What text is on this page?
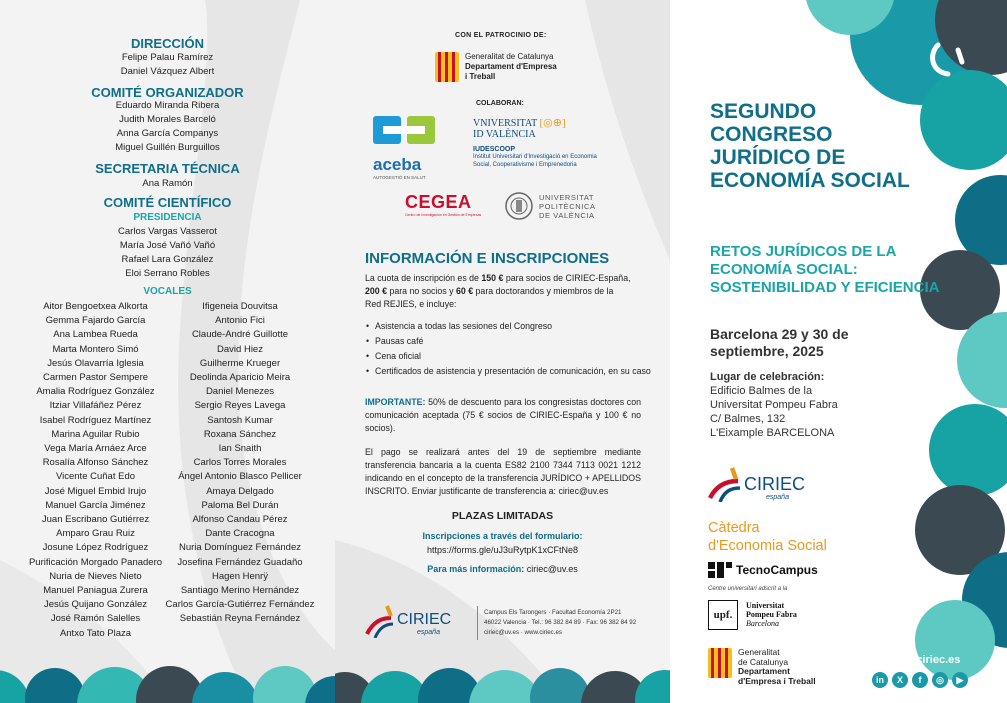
DIRECCIÓN
Felipe Palau Ramírez
Daniel Vázquez Albert
COMITÉ ORGANIZADOR
Eduardo Miranda Ribera
Judith Morales Barceló
Anna García Companys
Miguel Guillén Burguillos
SECRETARIA TÉCNICA
Ana Ramón
COMITÉ CIENTÍFICO
PRESIDENCIA
Carlos Vargas Vasserot
María José Vañó Vañó
Rafael Lara González
Eloi Serrano Robles
VOCALES
Aitor Bengoetxea Alkorta
Gemma Fajardo García
Ana Lambea Rueda
Marta Montero Simó
Jesús Olavarría Iglesia
Carmen Pastor Sempere
Amalia Rodríguez González
Itziar Villafáñez Pérez
Isabel Rodríguez Martínez
Marina Aguilar Rubio
Vega María Arnáez Arce
Rosalía Alfonso Sánchez
Vicente Cuñat Edo
José Miguel Embid Irujo
Manuel García Jiménez
Juan Escribano Gutiérrez
Amparo Grau Ruiz
Josune López Rodríguez
Purificación Morgado Panadero
Nuria de Nieves Nieto
Manuel Paniagua Zurera
Jesús Quijano González
José Ramón Salelles
Antxo Tato Plaza
Ifigeneia Douvitsa
Antonio Fici
Claude-André Guillotte
David Hiez
Guilherme Krueger
Deolinda Aparicio Meira
Daniel Menezes
Sergio Reyes Lavega
Santosh Kumar
Roxana Sánchez
Ian Snaith
Carlos Torres Morales
Ángel Antonio Blasco Pellicer
Amaya Delgado
Paloma Bel Durán
Alfonso Candau Pérez
Dante Cracogna
Nuria Domínguez Fernández
Josefina Fernández Guadaño
Hagen Henrÿ
Santiago Merino Hernández
Carlos García-Gutiérrez Fernández
Sebastián Reyna Fernández
CON EL PATROCINIO DE:
Generalitat de Catalunya
Departament d'Empresa
i Treball
COLABORAN:
aceba
AUTOGESTIÓ EN SALUT
VNIVERSITAT [◎⊕]
ID VALÈNCIA
IUDESCOOP
Institut Universitari d'Investigació en Economia
Social, Cooperativisme i Emprenedoria
CEGEA
Centro de Investigación en Gestión de Empresas
UNIVERSITAT
POLITÈCNICA
DE VALÈNCIA
INFORMACIÓN E INSCRIPCIONES
La cuota de inscripción es de 150 € para socios de CIRIEC-España,
200 € para no socios y 60 € para doctorandos y miembros de la
Red REJIES, e incluye:
• Asistencia a todas las sesiones del Congreso
• Pausas café
• Cena oficial
• Certificados de asistencia y presentación de comunicación, en su caso
IMPORTANTE: 50% de descuento para los congresistas doctores con comunicación aceptada (75 € socios de CIRIEC-España y 100 € no socios).
El pago se realizará antes del 19 de septiembre mediante transferencia bancaria a la cuenta ES82 2100 7344 7113 0021 1212 indicando en el concepto de la transferencia JURÍDICO + APELLIDOS INSCRITO. Enviar justificante de transferencia a: ciriec@uv.es
PLAZAS LIMITADAS
Inscripciones a través del formulario:
https://forms.gle/uJ3uRytpK1xCFtNe8
Para más información: ciriec@uv.es
CIRIEC
españa
Campus Els Tarongers · Facultad Economía 2P21
46022 Valencia · Tel.: 96 382 84 89 · Fax: 96 382 84 92
ciriec@uv.es · www.ciriec.es
SEGUNDO CONGRESO JURÍDICO DE ECONOMÍA SOCIAL
RETOS JURÍDICOS DE LA ECONOMÍA SOCIAL: SOSTENIBILIDAD Y EFICIENCIA
Barcelona 29 y 30 de septiembre, 2025
Lugar de celebración:
Edificio Balmes de la
Universitat Pompeu Fabra
C/ Balmes, 132
L'Eixample BARCELONA
CIRIEC
españa
Càtedra
d'Economia Social
TecnoCampus
Centre universitari adscrit a la
upf.
Universitat
Pompeu Fabra
Barcelona
Generalitat
de Catalunya
Departament
d'Empresa i Treball
www.ciriec.es
in	X	f	◎	▶
